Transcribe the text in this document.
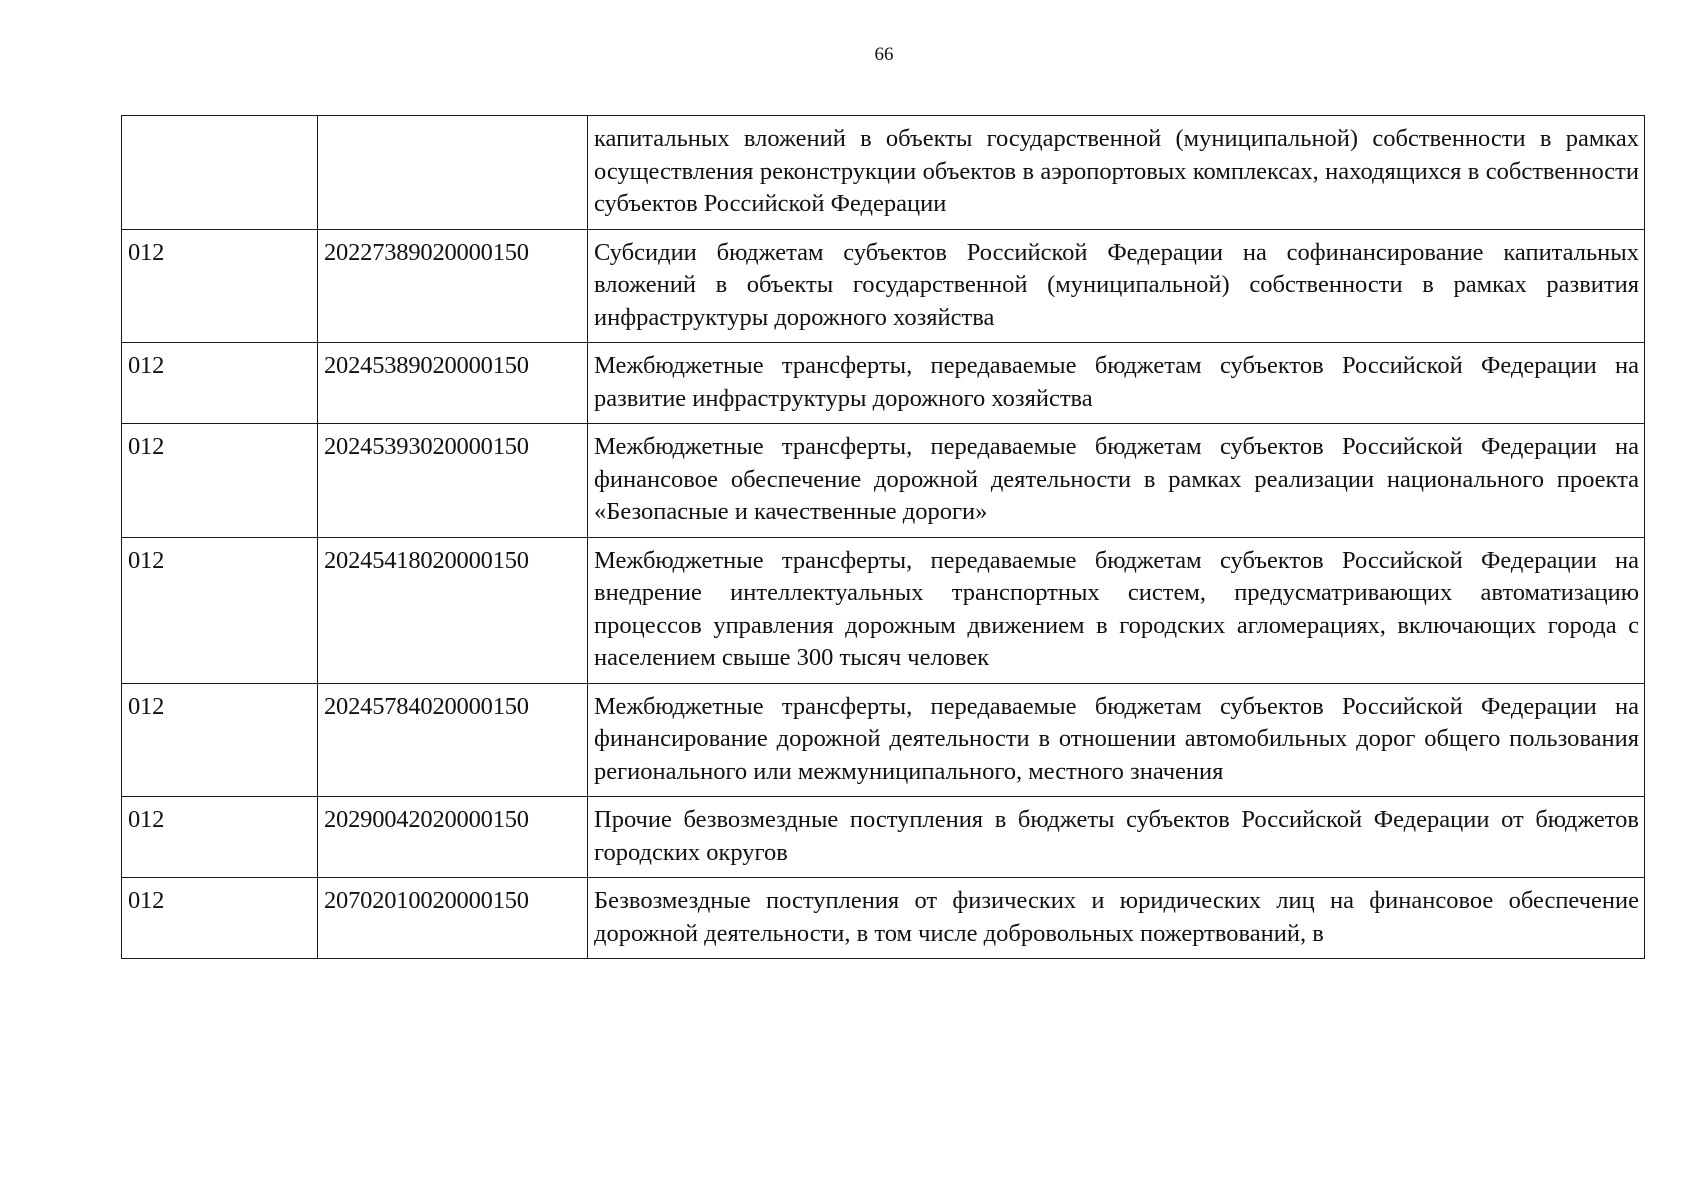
66
		капитальных вложений в объекты государственной (муниципальной) собственности в рамках осуществления реконструкции объектов в аэропортовых комплексах, находящихся в собственности субъектов Российской Федерации
012	20227389020000150	Субсидии бюджетам субъектов Российской Федерации на софинансирование капитальных вложений в объекты государственной (муниципальной) собственности в рамках развития инфраструктуры дорожного хозяйства
012	20245389020000150	Межбюджетные трансферты, передаваемые бюджетам субъектов Российской Федерации на развитие инфраструктуры дорожного хозяйства
012	20245393020000150	Межбюджетные трансферты, передаваемые бюджетам субъектов Российской Федерации на финансовое обеспечение дорожной деятельности в рамках реализации национального проекта «Безопасные и качественные дороги»
012	20245418020000150	Межбюджетные трансферты, передаваемые бюджетам субъектов Российской Федерации на внедрение интеллектуальных транспортных систем, предусматривающих автоматизацию процессов управления дорожным движением в городских агломерациях, включающих города с населением свыше 300 тысяч человек
012	20245784020000150	Межбюджетные трансферты, передаваемые бюджетам субъектов Российской Федерации на финансирование дорожной деятельности в отношении автомобильных дорог общего пользования регионального или межмуниципального, местного значения
012	20290042020000150	Прочие безвозмездные поступления в бюджеты субъектов Российской Федерации от бюджетов городских округов
012	20702010020000150	Безвозмездные поступления от физических и юридических лиц на финансовое обеспечение дорожной деятельности, в том числе добровольных пожертвований, в
